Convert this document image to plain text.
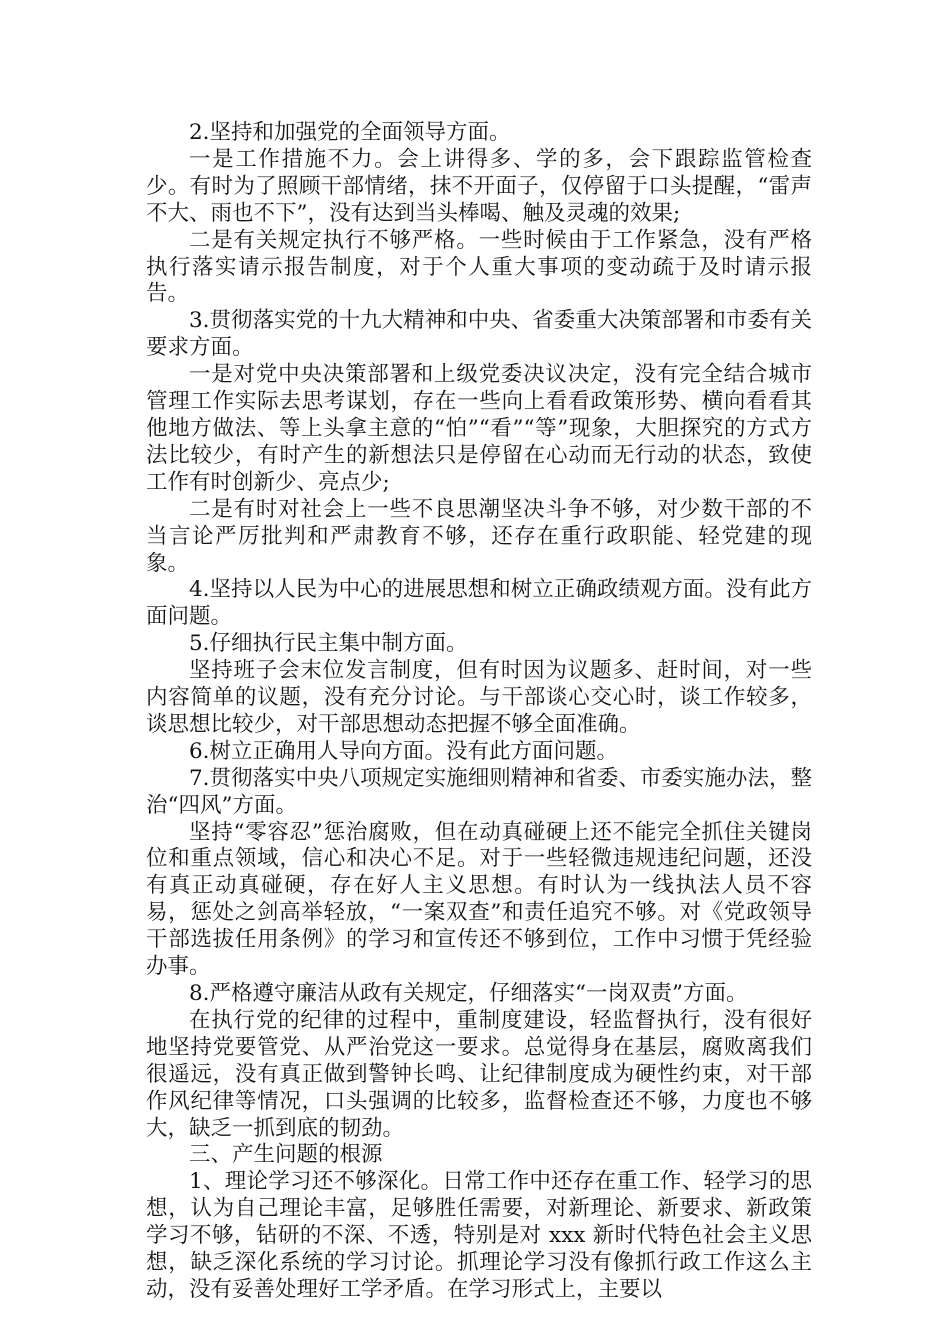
2.坚持和加强党的全面领导方面。

一是工作措施不力。会上讲得多、学的多，会下跟踪监管检查少。有时为了照顾干部情绪，抹不开面子，仅停留于口头提醒，“雷声不大、雨也不下”，没有达到当头棒喝、触及灵魂的效果;

二是有关规定执行不够严格。一些时候由于工作紧急，没有严格执行落实请示报告制度，对于个人重大事项的变动疏于及时请示报告。

3.贯彻落实党的十九大精神和中央、省委重大决策部署和市委有关要求方面。

一是对党中央决策部署和上级党委决议决定，没有完全结合城市管理工作实际去思考谋划，存在一些向上看看政策形势、横向看看其他地方做法、等上头拿主意的“怕”“看”“等”现象，大胆探究的方式方法比较少，有时产生的新想法只是停留在心动而无行动的状态，致使工作有时创新少、亮点少;

二是有时对社会上一些不良思潮坚决斗争不够，对少数干部的不当言论严厉批判和严肃教育不够，还存在重行政职能、轻党建的现象。

4.坚持以人民为中心的进展思想和树立正确政绩观方面。没有此方面问题。

5.仔细执行民主集中制方面。

坚持班子会末位发言制度，但有时因为议题多、赶时间，对一些内容简单的议题，没有充分讨论。与干部谈心交心时，谈工作较多，谈思想比较少，对干部思想动态把握不够全面准确。

6.树立正确用人导向方面。没有此方面问题。

7.贯彻落实中央八项规定实施细则精神和省委、市委实施办法，整治“四风”方面。

坚持“零容忍”惩治腐败，但在动真碰硬上还不能完全抓住关键岗位和重点领域，信心和决心不足。对于一些轻微违规违纪问题，还没有真正动真碰硬，存在好人主义思想。有时认为一线执法人员不容易，惩处之剑高举轻放，“一案双查”和责任追究不够。对《党政领导干部选拔任用条例》的学习和宣传还不够到位，工作中习惯于凭经验办事。

8.严格遵守廉洁从政有关规定，仔细落实“一岗双责”方面。

在执行党的纪律的过程中，重制度建设，轻监督执行，没有很好地坚持党要管党、从严治党这一要求。总觉得身在基层，腐败离我们很遥远，没有真正做到警钟长鸣、让纪律制度成为硬性约束，对干部作风纪律等情况，口头强调的比较多，监督检查还不够，力度也不够大，缺乏一抓到底的韧劲。

三、产生问题的根源

1、理论学习还不够深化。日常工作中还存在重工作、轻学习的思想，认为自己理论丰富，足够胜任需要，对新理论、新要求、新政策学习不够，钻研的不深、不透，特别是对 xxx 新时代特色社会主义思想，缺乏深化系统的学习讨论。抓理论学习没有像抓行政工作这么主动，没有妥善处理好工学矛盾。在学习形式上，主要以
